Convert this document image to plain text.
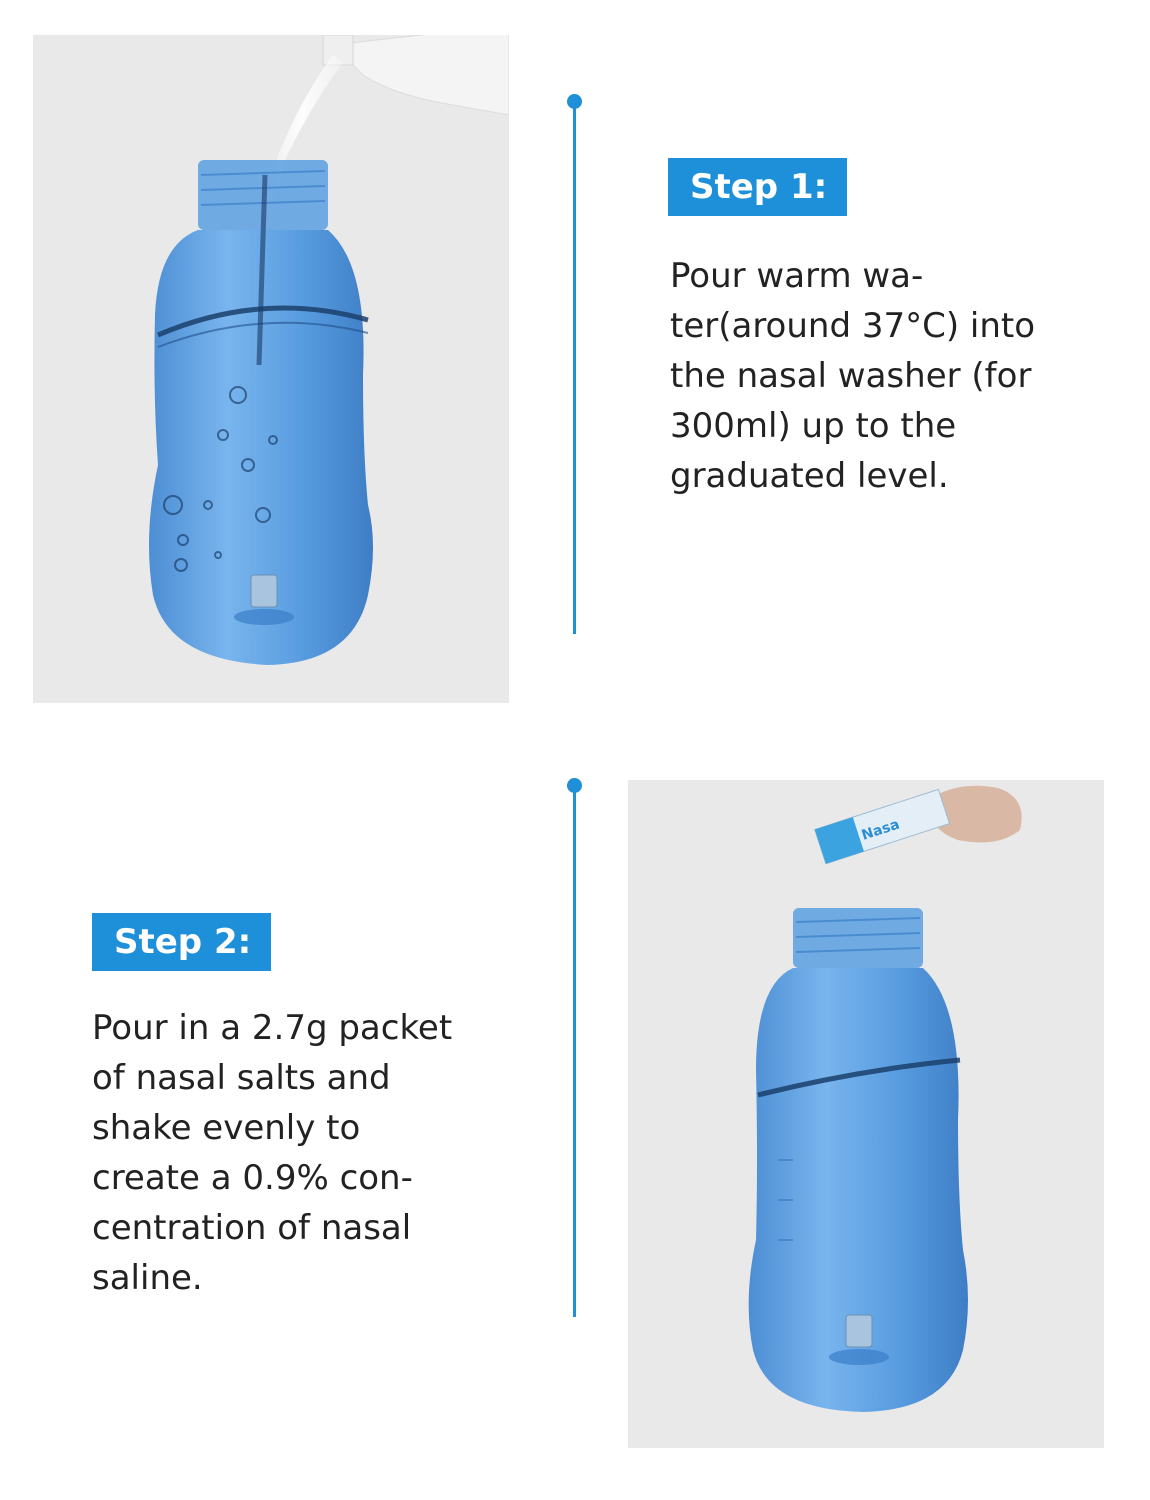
Step 1:
Pour warm wa-
ter(around 37°C) into
the nasal washer (for
300ml) up to the
graduated level.
Step 2:
Pour in a 2.7g packet
of nasal salts and
shake evenly to
create a 0.9% con-
centration of nasal
saline.
Nasa
